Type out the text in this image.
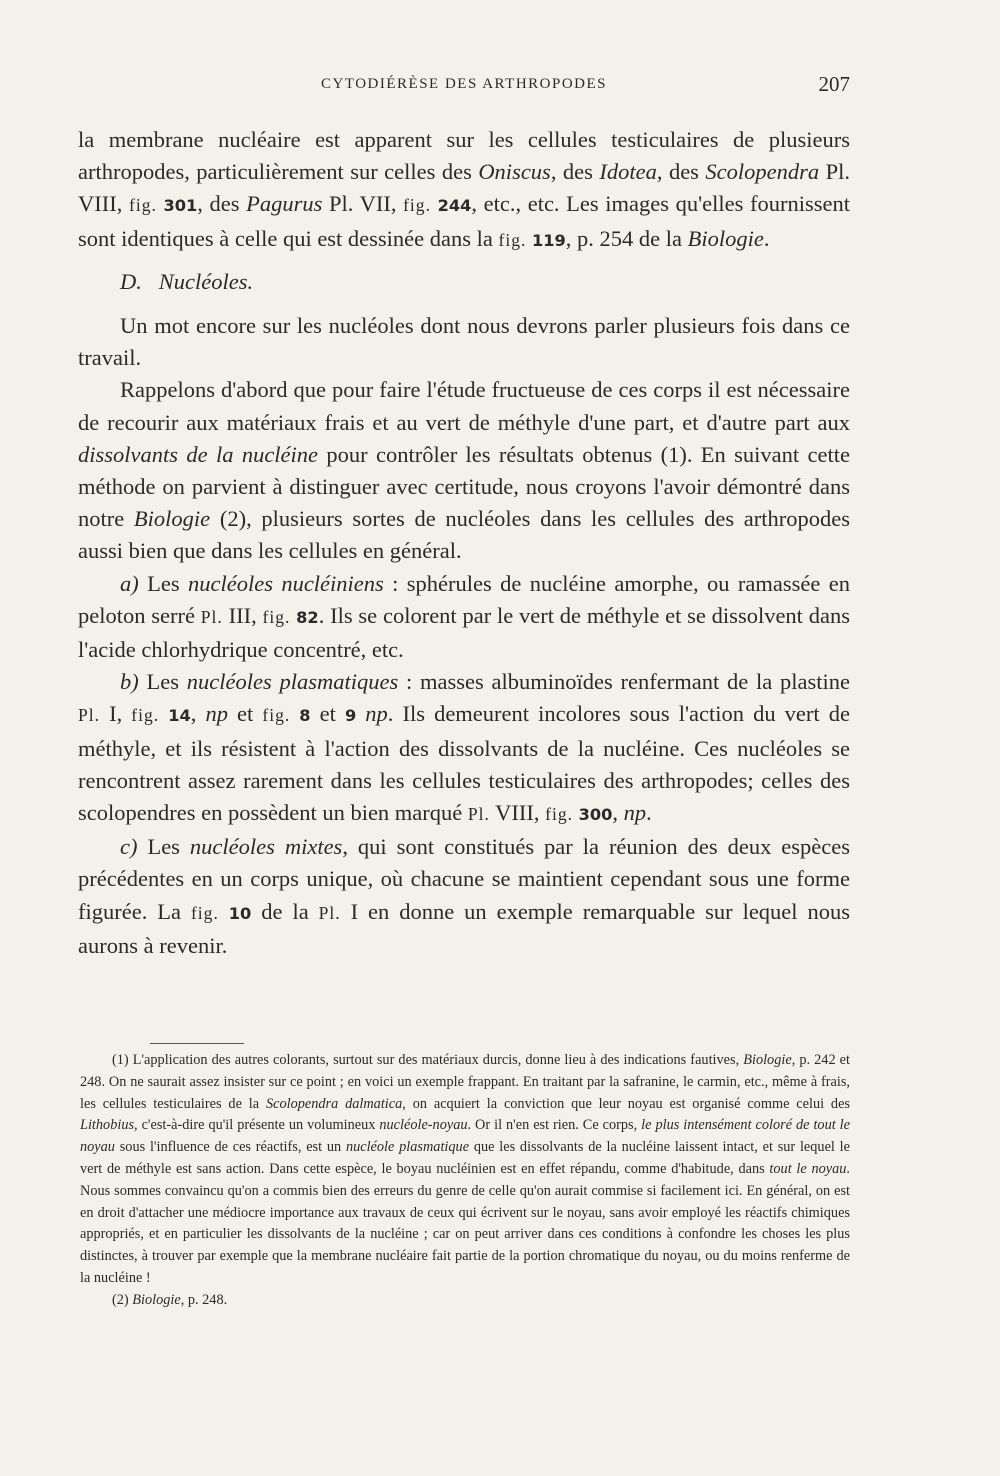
CYTODIÉRÈSE DES ARTHROPODES	207

la membrane nucléaire est apparent sur les cellules testiculaires de plusieurs arthropodes, particulièrement sur celles des Oniscus, des Idotea, des Scolopendra Pl. VIII, fig. 301, des Pagurus Pl. VII, fig. 244, etc., etc. Les images qu'elles fournissent sont identiques à celle qui est dessinée dans la fig. 119, p. 254 de la Biologie.

D. Nucléoles.

Un mot encore sur les nucléoles dont nous devrons parler plusieurs fois dans ce travail.

Rappelons d'abord que pour faire l'étude fructueuse de ces corps il est nécessaire de recourir aux matériaux frais et au vert de méthyle d'une part, et d'autre part aux dissolvants de la nucléine pour contrôler les résultats obtenus (1). En suivant cette méthode on parvient à distinguer avec certitude, nous croyons l'avoir démontré dans notre Biologie (2), plusieurs sortes de nucléoles dans les cellules des arthropodes aussi bien que dans les cellules en général.

a) Les nucléoles nucléiniens : sphérules de nucléine amorphe, ou ramassée en peloton serré Pl. III, fig. 82. Ils se colorent par le vert de méthyle et se dissolvent dans l'acide chlorhydrique concentré, etc.

b) Les nucléoles plasmatiques : masses albuminoïdes renfermant de la plastine Pl. I, fig. 14, np et fig. 8 et 9 np. Ils demeurent incolores sous l'action du vert de méthyle, et ils résistent à l'action des dissolvants de la nucléine. Ces nucléoles se rencontrent assez rarement dans les cellules testiculaires des arthropodes; celles des scolopendres en possèdent un bien marqué Pl. VIII, fig. 300, np.

c) Les nucléoles mixtes, qui sont constitués par la réunion des deux espèces précédentes en un corps unique, où chacune se maintient cependant sous une forme figurée. La fig. 10 de la Pl. I en donne un exemple remarquable sur lequel nous aurons à revenir.

(1) L'application des autres colorants, surtout sur des matériaux durcis, donne lieu à des indications fautives, Biologie, p. 242 et 248. On ne saurait assez insister sur ce point ; en voici un exemple frappant. En traitant par la safranine, le carmin, etc., même à frais, les cellules testiculaires de la Scolopendra dalmatica, on acquiert la conviction que leur noyau est organisé comme celui des Lithobius, c'est-à-dire qu'il présente un volumineux nucléole-noyau. Or il n'en est rien. Ce corps, le plus intensément coloré de tout le noyau sous l'influence de ces réactifs, est un nucléole plasmatique que les dissolvants de la nucléine laissent intact, et sur lequel le vert de méthyle est sans action. Dans cette espèce, le boyau nucléinien est en effet répandu, comme d'habitude, dans tout le noyau. Nous sommes convaincu qu'on a commis bien des erreurs du genre de celle qu'on aurait commise si facilement ici. En général, on est en droit d'attacher une médiocre importance aux travaux de ceux qui écrivent sur le noyau, sans avoir employé les réactifs chimiques appropriés, et en particulier les dissolvants de la nucléine ; car on peut arriver dans ces conditions à confondre les choses les plus distinctes, à trouver par exemple que la membrane nucléaire fait partie de la portion chromatique du noyau, ou du moins renferme de la nucléine !

(2) Biologie, p. 248.
